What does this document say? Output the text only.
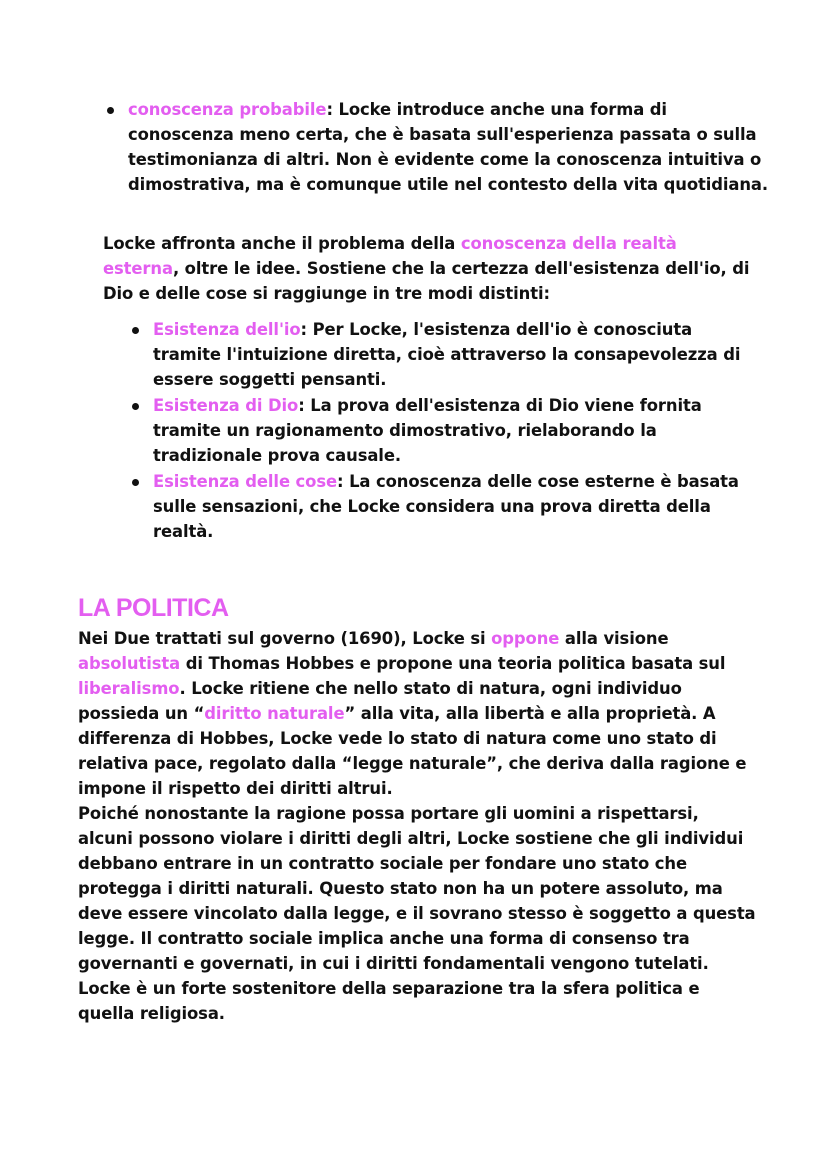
conoscenza probabile: Locke introduce anche una forma di conoscenza meno certa, che è basata sull'esperienza passata o sulla testimonianza di altri. Non è evidente come la conoscenza intuitiva o dimostrativa, ma è comunque utile nel contesto della vita quotidiana.
Locke affronta anche il problema della conoscenza della realtà esterna, oltre le idee. Sostiene che la certezza dell'esistenza dell'io, di Dio e delle cose si raggiunge in tre modi distinti:
Esistenza dell'io: Per Locke, l'esistenza dell'io è conosciuta tramite l'intuizione diretta, cioè attraverso la consapevolezza di essere soggetti pensanti.
Esistenza di Dio: La prova dell'esistenza di Dio viene fornita tramite un ragionamento dimostrativo, rielaborando la tradizionale prova causale.
Esistenza delle cose: La conoscenza delle cose esterne è basata sulle sensazioni, che Locke considera una prova diretta della realtà.
LA POLITICA

Nei Due trattati sul governo (1690), Locke si oppone alla visione absolutista di Thomas Hobbes e propone una teoria politica basata sul liberalismo. Locke ritiene che nello stato di natura, ogni individuo possieda un “diritto naturale” alla vita, alla libertà e alla proprietà. A differenza di Hobbes, Locke vede lo stato di natura come uno stato di relativa pace, regolato dalla “legge naturale”, che deriva dalla ragione e impone il rispetto dei diritti altrui.

Poiché nonostante la ragione possa portare gli uomini a rispettarsi, alcuni possono violare i diritti degli altri, Locke sostiene che gli individui debbano entrare in un contratto sociale per fondare uno stato che protegga i diritti naturali. Questo stato non ha un potere assoluto, ma deve essere vincolato dalla legge, e il sovrano stesso è soggetto a questa legge. Il contratto sociale implica anche una forma di consenso tra governanti e governati, in cui i diritti fondamentali vengono tutelati.

Locke è un forte sostenitore della separazione tra la sfera politica e quella religiosa.
